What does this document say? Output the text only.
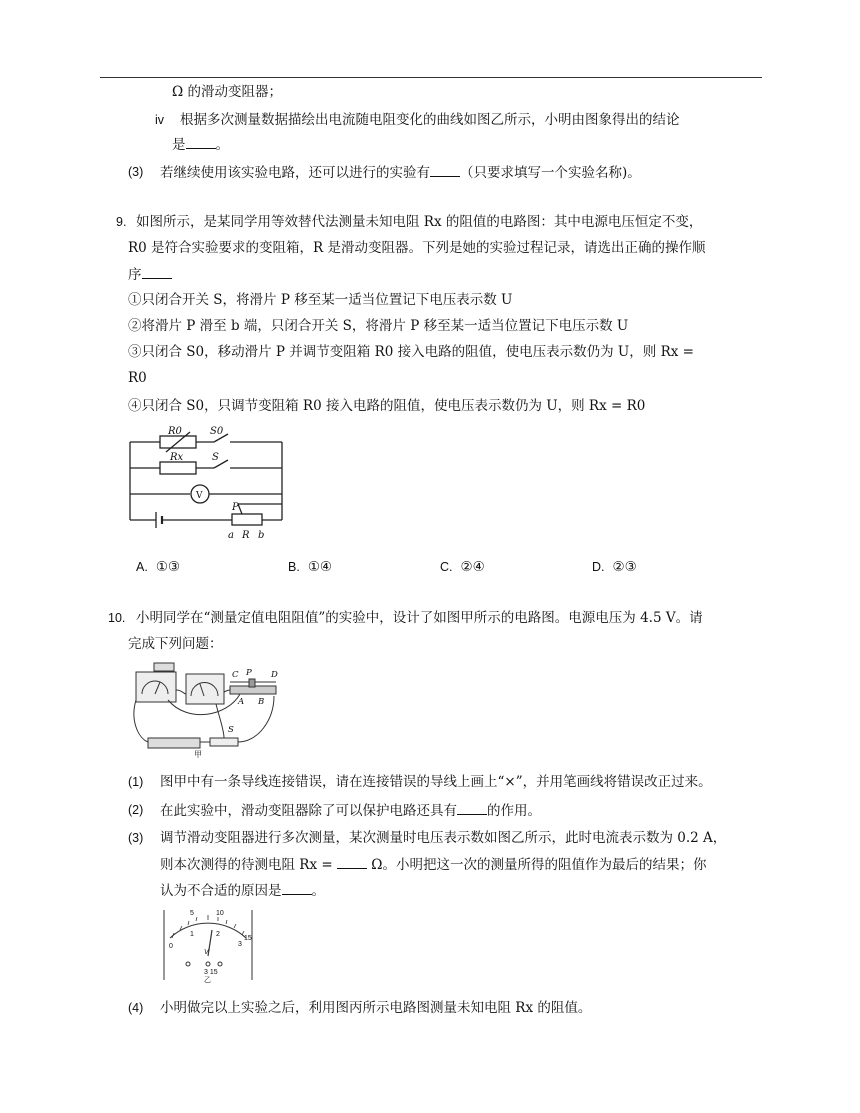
Ω 的滑动变阻器；
iv 根据多次测量数据描绘出电流随电阻变化的曲线如图乙所示，小明由图象得出的结论
是 。
(3) 若继续使用该实验电路，还可以进行的实验有 （只要求填写一个实验名称)。
9. 如图所示，是某同学用等效替代法测量未知电阻 Rx 的阻值的电路图：其中电源电压恒定不变，
R0 是符合实验要求的变阻箱，R 是滑动变阻器。下列是她的实验过程记录，请选出正确的操作顺
序
①只闭合开关 S，将滑片 P 移至某一适当位置记下电压表示数 U
②将滑片 P 滑至 b 端，只闭合开关 S，将滑片 P 移至某一适当位置记下电压示数 U
③只闭合 S0，移动滑片 P 并调节变阻箱 R0 接入电路的阻值，使电压表示数仍为 U，则 Rx =
R0
④只闭合 S0，只调节变阻箱 R0 接入电路的阻值，使电压表示数仍为 U，则 Rx = R0
R0	S0
Rx	S
V
P
a R b
A. ①③	B. ①④	C. ②④	D. ②③
10. 小明同学在“测量定值电阻阻值”的实验中，设计了如图甲所示的电路图。电源电压为 4.5 V。请
完成下列问题：
C P D
A B
S
甲
(1) 图甲中有一条导线连接错误，请在连接错误的导线上画上“×”，并用笔画线将错误改正过来。
(2) 在此实验中，滑动变阻器除了可以保护电路还具有 的作用。
(3) 调节滑动变阻器进行多次测量，某次测量时电压表示数如图乙所示，此时电流表示数为 0.2 A，
则本次测得的待测电阻 Rx =	Ω。小明把这一次的测量所得的阻值作为最后的结果；你
认为不合适的原因是 。
5	10
0
1	2
3
15
V
3 15
乙
(4) 小明做完以上实验之后，利用图丙所示电路图测量未知电阻 Rx 的阻值。
